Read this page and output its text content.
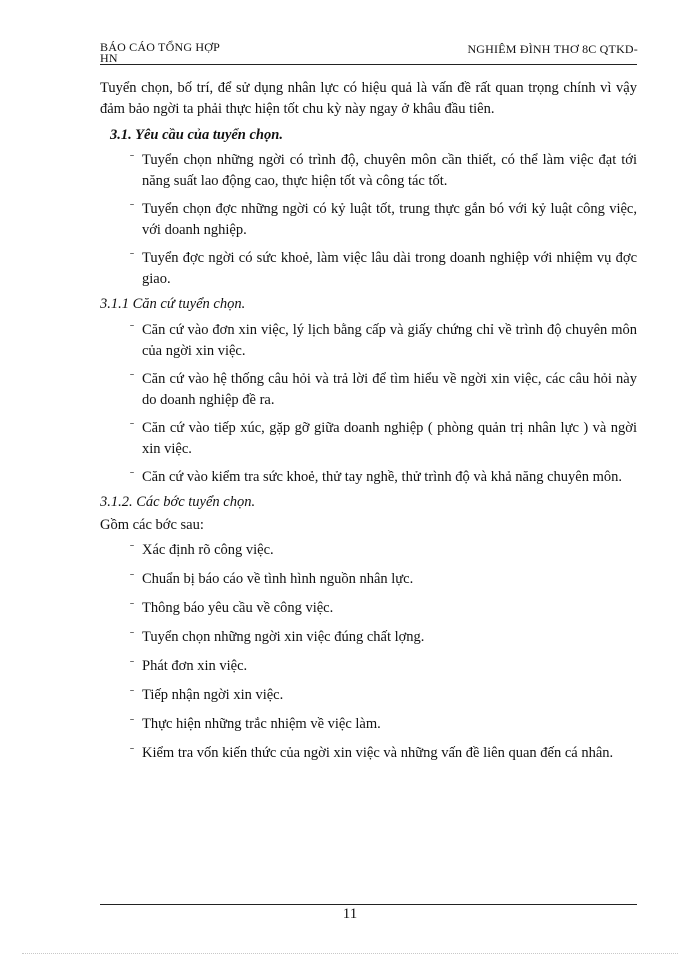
BÁO CÁO TỔNG HỢP
HN
NGHIÊM ĐÌNH THƠ 8C QTKD-

Tuyển chọn, bố trí, để sử dụng nhân lực có hiệu quả là vấn đề rất quan trọng chính vì vậy đảm bảo ngời ta phải thực hiện tốt chu kỳ này ngay ở khâu đầu tiên.

3.1. Yêu cầu của tuyển chọn.

ˉ Tuyển chọn những ngời có trình độ, chuyên môn cần thiết, có thể làm việc đạt tới năng suất lao động cao, thực hiện tốt và công tác tốt.
ˉ Tuyển chọn đợc những ngời có kỷ luật tốt, trung thực gắn bó với kỷ luật công việc, với doanh nghiệp.
ˉ Tuyển đợc ngời có sức khoẻ, làm việc lâu dài trong doanh nghiệp với nhiệm vụ đợc giao.

3.1.1 Căn cứ tuyển chọn.

ˉ Căn cứ vào đơn xin việc, lý lịch bằng cấp và giấy chứng chỉ về trình độ chuyên môn của ngời xin việc.
ˉ Căn cứ vào hệ thống câu hỏi và trả lời để tìm hiểu về ngời xin việc, các câu hỏi này do doanh nghiệp đề ra.
ˉ Căn cứ vào tiếp xúc, gặp gỡ giữa doanh nghiệp ( phòng quản trị nhân lực ) và ngời xin việc.
ˉ Căn cứ vào kiểm tra sức khoẻ, thử tay nghề, thử trình độ và khả năng chuyên môn.

3.1.2. Các bớc tuyển chọn.

Gồm các bớc sau:

ˉ Xác định rõ công việc.
ˉ Chuẩn bị báo cáo về tình hình nguồn nhân lực.
ˉ Thông báo yêu cầu về công việc.
ˉ Tuyển chọn những ngời xin việc đúng chất lợng.
ˉ Phát đơn xin việc.
ˉ Tiếp nhận ngời xin việc.
ˉ Thực hiện những trắc nhiệm về việc làm.
ˉ Kiểm tra vốn kiến thức của ngời xin việc và những vấn đề liên quan đến cá nhân.
11
